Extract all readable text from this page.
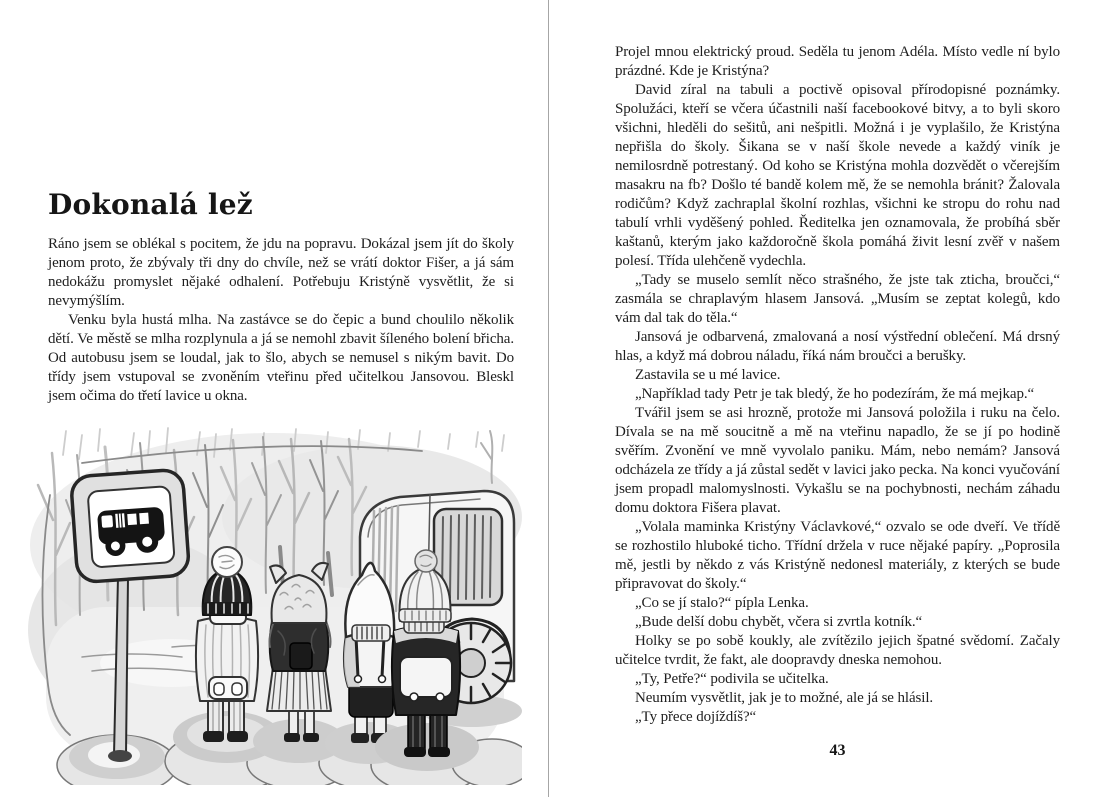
Dokonalá lež

Ráno jsem se oblékal s pocitem, že jdu na popravu. Dokázal jsem jít do školy jenom proto, že zbývaly tři dny do chvíle, než se vrátí doktor Fišer, a já sám nedokážu promyslet nějaké odhalení. Potřebuju Kristýně vysvětlit, že si nevymýšlím.

Venku byla hustá mlha. Na zastávce se do čepic a bund choulilo několik dětí. Ve městě se mlha rozplynula a já se nemohl zbavit šíleného bolení břicha. Od autobusu jsem se loudal, jak to šlo, abych se nemusel s nikým bavit. Do třídy jsem vstupoval se zvoněním vteřinu před učitelkou Jansovou. Bleskl jsem očima do třetí lavice u okna.

Projel mnou elektrický proud. Seděla tu jenom Adéla. Místo vedle ní bylo prázdné. Kde je Kristýna?

David zíral na tabuli a poctivě opisoval přírodopisné poznámky. Spolužáci, kteří se včera účastnili naší facebookové bitvy, a to byli skoro všichni, hleděli do sešitů, ani nešpitli. Možná i je vyplašilo, že Kristýna nepřišla do školy. Šikana se v naší škole nevede a každý viník je nemilosrdně potrestaný. Od koho se Kristýna mohla dozvědět o včerejším masakru na fb? Došlo té bandě kolem mě, že se nemohla bránit? Žalovala rodičům? Když zachraplal školní rozhlas, všichni ke stropu do rohu nad tabulí vrhli vyděšený pohled. Ředitelka jen oznamovala, že probíhá sběr kaštanů, kterým jako každoročně škola pomáhá živit lesní zvěř v našem polesí. Třída ulehčeně vydechla.

„Tady se muselo semlít něco strašného, že jste tak zticha, broučci,“ zasmála se chraplavým hlasem Jansová. „Musím se zeptat kolegů, kdo vám dal tak do těla.“

Jansová je odbarvená, zmalovaná a nosí výstřední oblečení. Má drsný hlas, a když má dobrou náladu, říká nám broučci a berušky.

Zastavila se u mé lavice.

„Například tady Petr je tak bledý, že ho podezírám, že má mejkap.“

Tvářil jsem se asi hrozně, protože mi Jansová položila i ruku na čelo. Dívala se na mě soucitně a mě na vteřinu napadlo, že se jí po hodině svěřím. Zvonění ve mně vyvolalo paniku. Mám, nebo nemám? Jansová odcházela ze třídy a já zůstal sedět v lavici jako pecka. Na konci vyučování jsem propadl malomyslnosti. Vykašlu se na pochybnosti, nechám záhadu domu doktora Fišera plavat.

„Volala maminka Kristýny Václavkové,“ ozvalo se ode dveří. Ve třídě se rozhostilo hluboké ticho. Třídní držela v ruce nějaké papíry. „Poprosila mě, jestli by někdo z vás Kristýně nedonesl materiály, z kterých se bude připravovat do školy.“

„Co se jí stalo?“ pípla Lenka.

„Bude delší dobu chybět, včera si zvrtla kotník.“

Holky se po sobě koukly, ale zvítězilo jejich špatné svědomí. Začaly učitelce tvrdit, že fakt, ale doopravdy dneska nemohou.

„Ty, Petře?“ podivila se učitelka.

Neumím vysvětlit, jak je to možné, ale já se hlásil.

„Ty přece dojíždíš?“

43
